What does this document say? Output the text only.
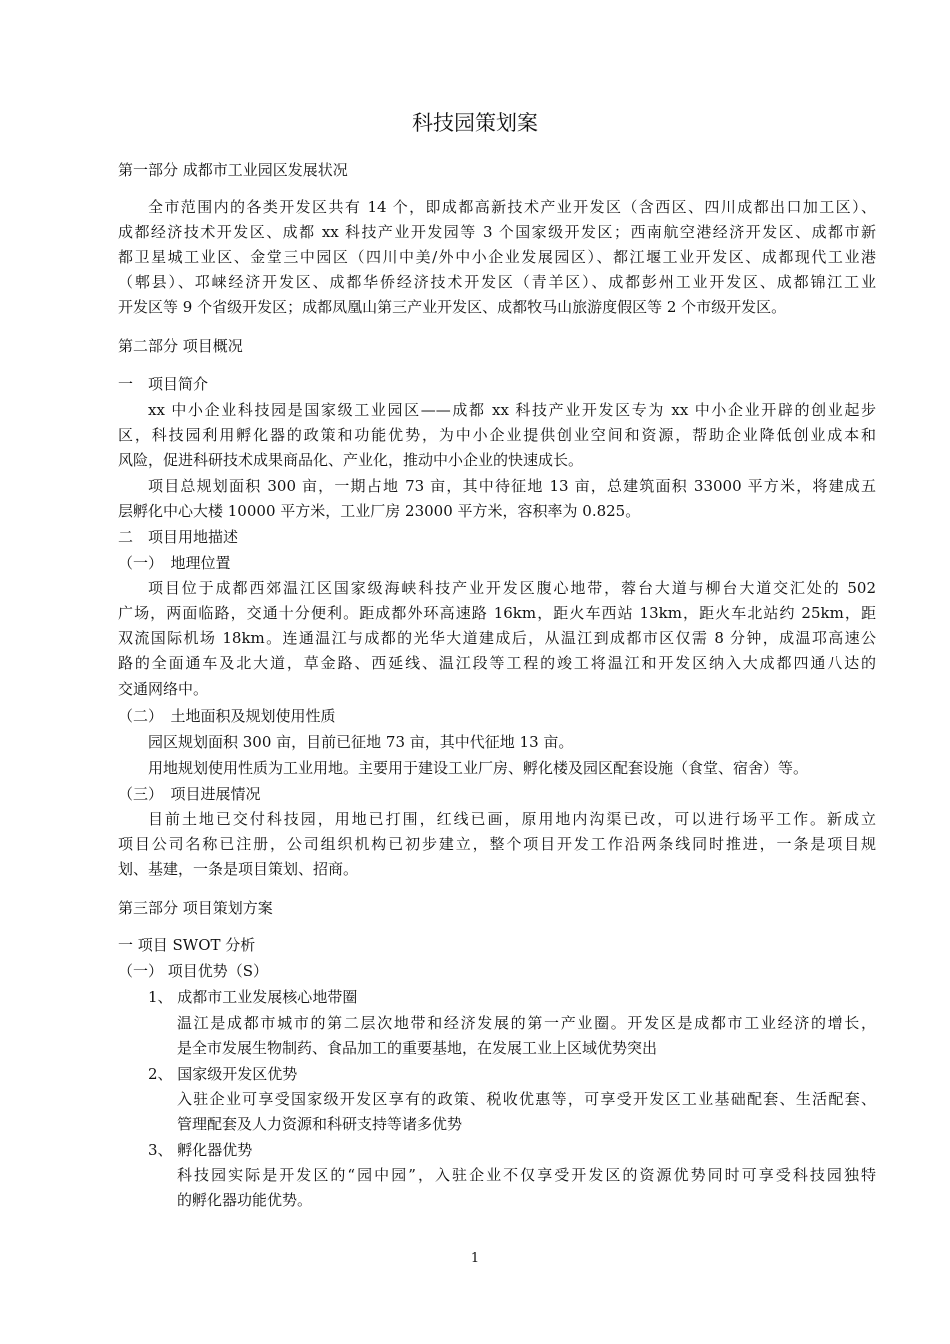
科技园策划案
第一部分 成都市工业园区发展状况
全市范围内的各类开发区共有 14 个，即成都高新技术产业开发区（含西区、四川成都出口加工区）、
成都经济技术开发区、成都 xx 科技产业开发园等 3 个国家级开发区；西南航空港经济开发区、成都市新
都卫星城工业区、金堂三中园区（四川中美/外中小企业发展园区）、都江堰工业开发区、成都现代工业港
（郫县）、邛崃经济开发区、成都华侨经济技术开发区（青羊区）、成都彭州工业开发区、成都锦江工业
开发区等 9 个省级开发区；成都凤凰山第三产业开发区、成都牧马山旅游度假区等 2 个市级开发区。
第二部分 项目概况
一　项目简介
xx 中小企业科技园是国家级工业园区——成都 xx 科技产业开发区专为 xx 中小企业开辟的创业起步
区，科技园利用孵化器的政策和功能优势，为中小企业提供创业空间和资源，帮助企业降低创业成本和
风险，促进科研技术成果商品化、产业化，推动中小企业的快速成长。
项目总规划面积 300 亩，一期占地 73 亩，其中待征地 13 亩，总建筑面积 33000 平方米，将建成五
层孵化中心大楼 10000 平方米，工业厂房 23000 平方米，容积率为 0.825。
二　项目用地描述
（一）　地理位置
项目位于成都西郊温江区国家级海峡科技产业开发区腹心地带，蓉台大道与柳台大道交汇处的 502
广场，两面临路，交通十分便利。距成都外环高速路 16km，距火车西站 13km，距火车北站约 25km，距
双流国际机场 18km。连通温江与成都的光华大道建成后，从温江到成都市区仅需 8 分钟，成温邛高速公
路的全面通车及北大道，草金路、西延线、温江段等工程的竣工将温江和开发区纳入大成都四通八达的
交通网络中。
（二）　土地面积及规划使用性质
园区规划面积 300 亩，目前已征地 73 亩，其中代征地 13 亩。
用地规划使用性质为工业用地。主要用于建设工业厂房、孵化楼及园区配套设施（食堂、宿舍）等。
（三）　项目进展情况
目前土地已交付科技园，用地已打围，红线已画，原用地内沟渠已改，可以进行场平工作。新成立
项目公司名称已注册，公司组织机构已初步建立，整个项目开发工作沿两条线同时推进，一条是项目规
划、基建，一条是项目策划、招商。
第三部分 项目策划方案
一 项目 SWOT 分析
（一） 项目优势（S）
1、 成都市工业发展核心地带圈
温江是成都市城市的第二层次地带和经济发展的第一产业圈。开发区是成都市工业经济的增长，
是全市发展生物制药、食品加工的重要基地，在发展工业上区域优势突出
2、 国家级开发区优势
入驻企业可享受国家级开发区享有的政策、税收优惠等，可享受开发区工业基础配套、生活配套、
管理配套及人力资源和科研支持等诸多优势
3、 孵化器优势
科技园实际是开发区的“园中园”，入驻企业不仅享受开发区的资源优势同时可享受科技园独特
的孵化器功能优势。
1
